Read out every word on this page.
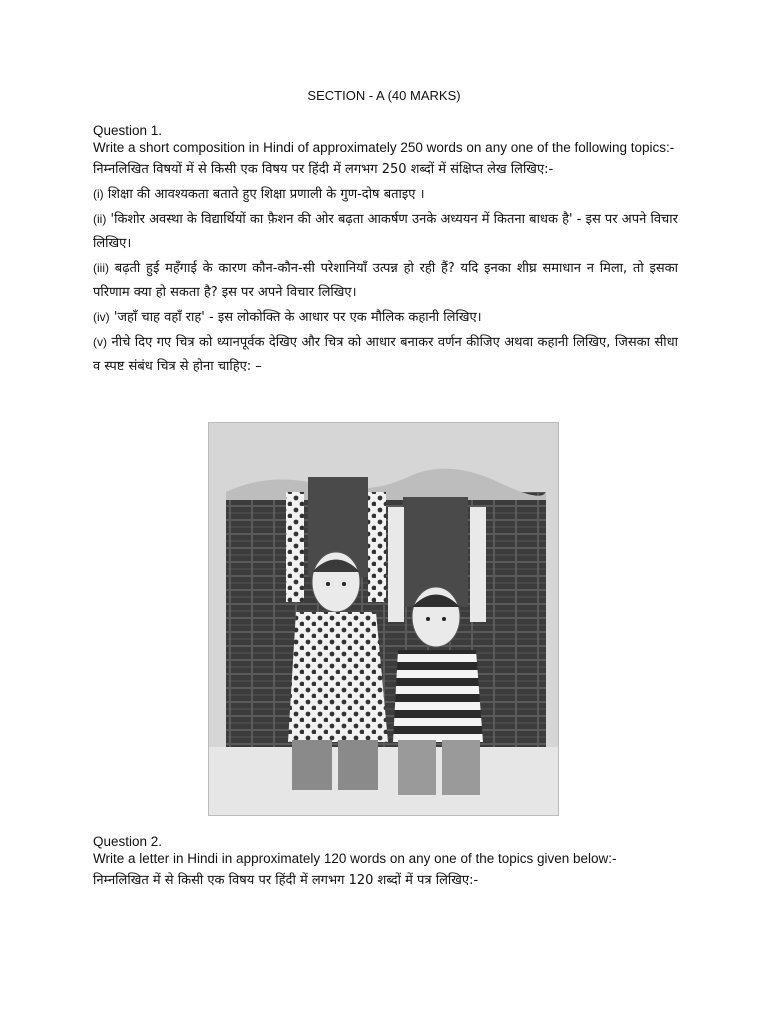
SECTION - A (40 MARKS)

Question 1.

Write a short composition in Hindi of approximately 250 words on any one of the following topics:-

निम्नलिखित विषयों में से किसी एक विषय पर हिंदी में लगभग 250 शब्दों में संक्षिप्त लेख लिखिए:-

(i) शिक्षा की आवश्यकता बताते हुए शिक्षा प्रणाली के गुण-दोष बताइए ।

(ii) 'किशोर अवस्था के विद्यार्थियों का फ़ैशन की ओर बढ़ता आकर्षण उनके अध्ययन में कितना बाधक है' - इस पर अपने विचार लिखिए।

(iii) बढ़ती हुई महँगाई के कारण कौन-कौन-सी परेशानियाँ उत्पन्न हो रही हैं? यदि इनका शीघ्र समाधान न मिला, तो इसका परिणाम क्या हो सकता है? इस पर अपने विचार लिखिए।

(iv) 'जहाँ चाह वहाँ राह' - इस लोकोक्ति के आधार पर एक मौलिक कहानी लिखिए।

(v) नीचे दिए गए चित्र को ध्यानपूर्वक देखिए और चित्र को आधार बनाकर वर्णन कीजिए अथवा कहानी लिखिए, जिसका सीधा व स्पष्ट संबंध चित्र से होना चाहिए: –

Question 2.

Write a letter in Hindi in approximately 120 words on any one of the topics given below:-

निम्नलिखित में से किसी एक विषय पर हिंदी में लगभग 120 शब्दों में पत्र लिखिए:-
